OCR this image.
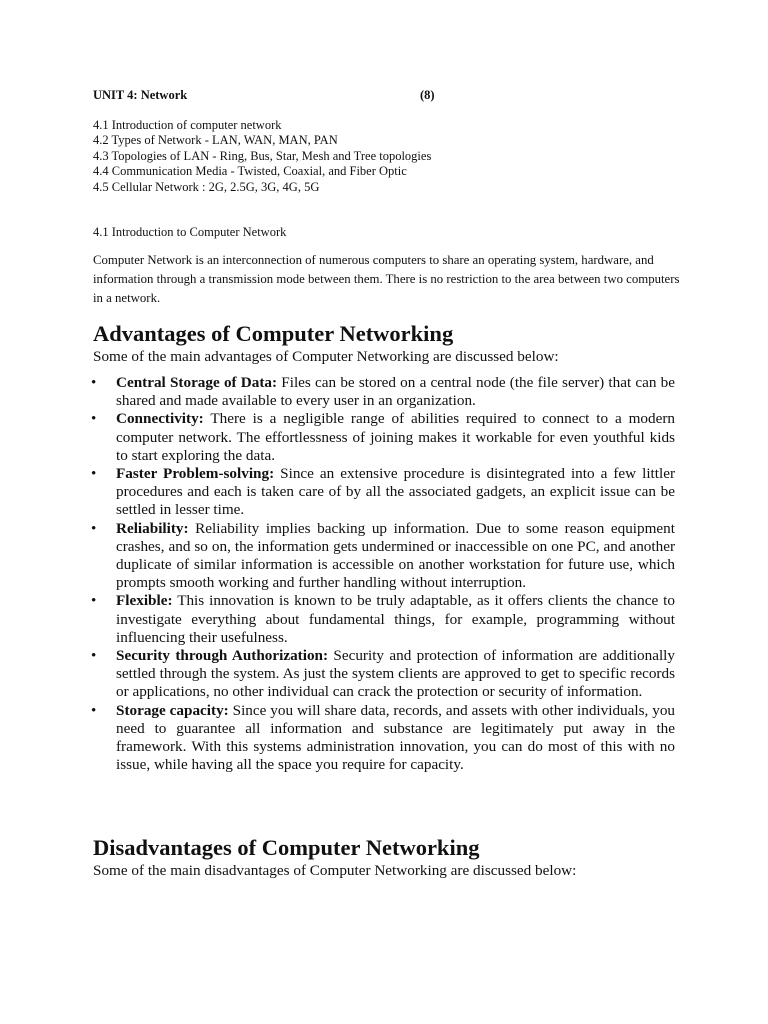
UNIT 4: Network	(8)
4.1 Introduction of computer network
4.2 Types of Network - LAN, WAN, MAN, PAN
4.3 Topologies of LAN - Ring, Bus, Star, Mesh and Tree topologies
4.4 Communication Media - Twisted, Coaxial, and Fiber Optic
4.5 Cellular Network : 2G, 2.5G, 3G, 4G, 5G
4.1 Introduction to Computer Network

Computer Network is an interconnection of numerous computers to share an operating system, hardware, and information through a transmission mode between them. There is no restriction to the area between two computers in a network.

Advantages of Computer Networking
Some of the main advantages of Computer Networking are discussed below:
• Central Storage of Data: Files can be stored on a central node (the file server) that can be shared and made available to every user in an organization.
• Connectivity: There is a negligible range of abilities required to connect to a modern computer network. The effortlessness of joining makes it workable for even youthful kids to start exploring the data.
• Faster Problem-solving: Since an extensive procedure is disintegrated into a few littler procedures and each is taken care of by all the associated gadgets, an explicit issue can be settled in lesser time.
• Reliability: Reliability implies backing up information. Due to some reason equipment crashes, and so on, the information gets undermined or inaccessible on one PC, and another duplicate of similar information is accessible on another workstation for future use, which prompts smooth working and further handling without interruption.
• Flexible: This innovation is known to be truly adaptable, as it offers clients the chance to investigate everything about fundamental things, for example, programming without influencing their usefulness.
• Security through Authorization: Security and protection of information are additionally settled through the system. As just the system clients are approved to get to specific records or applications, no other individual can crack the protection or security of information.
• Storage capacity: Since you will share data, records, and assets with other individuals, you need to guarantee all information and substance are legitimately put away in the framework. With this systems administration innovation, you can do most of this with no issue, while having all the space you require for capacity.
Disadvantages of Computer Networking
Some of the main disadvantages of Computer Networking are discussed below:
